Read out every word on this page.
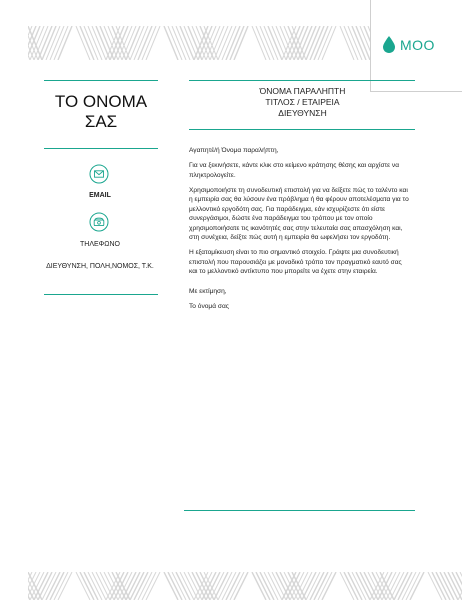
MOO
ΤΟ ΟΝΟΜΑ ΣΑΣ
EMAIL
ΤΗΛΕΦΩΝΟ
ΔΙΕΥΘΥΝΣΗ, ΠΟΛΗ,ΝΟΜΟΣ, Τ.Κ.
ΌΝΟΜΑ ΠΑΡΑΛΗΠΤΗ
ΤΙΤΛΟΣ / ΕΤΑΙΡΕΙΑ
ΔΙΕΥΘΥΝΣΗ

Αγαπητέ/ή Όνομα παραλήπτη,

Για να ξεκινήσετε, κάντε κλικ στο κείμενο κράτησης θέσης και αρχίστε να πληκτρολογείτε.

Χρησιμοποιήστε τη συνοδευτική επιστολή για να δείξετε πώς το ταλέντο και η εμπειρία σας θα λύσουν ένα πρόβλημα ή θα φέρουν αποτελέσματα για το μελλοντικό εργοδότη σας. Για παράδειγμα, εάν ισχυρίζεστε ότι είστε συνεργάσιμοι, δώστε ένα παράδειγμα του τρόπου με τον οποίο χρησιμοποιήσατε τις ικανότητές σας στην τελευταία σας απασχόληση και, στη συνέχεια, δείξτε πώς αυτή η εμπειρία θα ωφελήσει τον εργοδότη.

Η εξατομίκευση είναι το πιο σημαντικό στοιχείο. Γράψτε μια συνοδευτική επιστολή που παρουσιάζει με μοναδικό τρόπο τον πραγματικό εαυτό σας και το μελλοντικό αντίκτυπο που μπορείτε να έχετε στην εταιρεία.

Με εκτίμηση,

Το όνομά σας
